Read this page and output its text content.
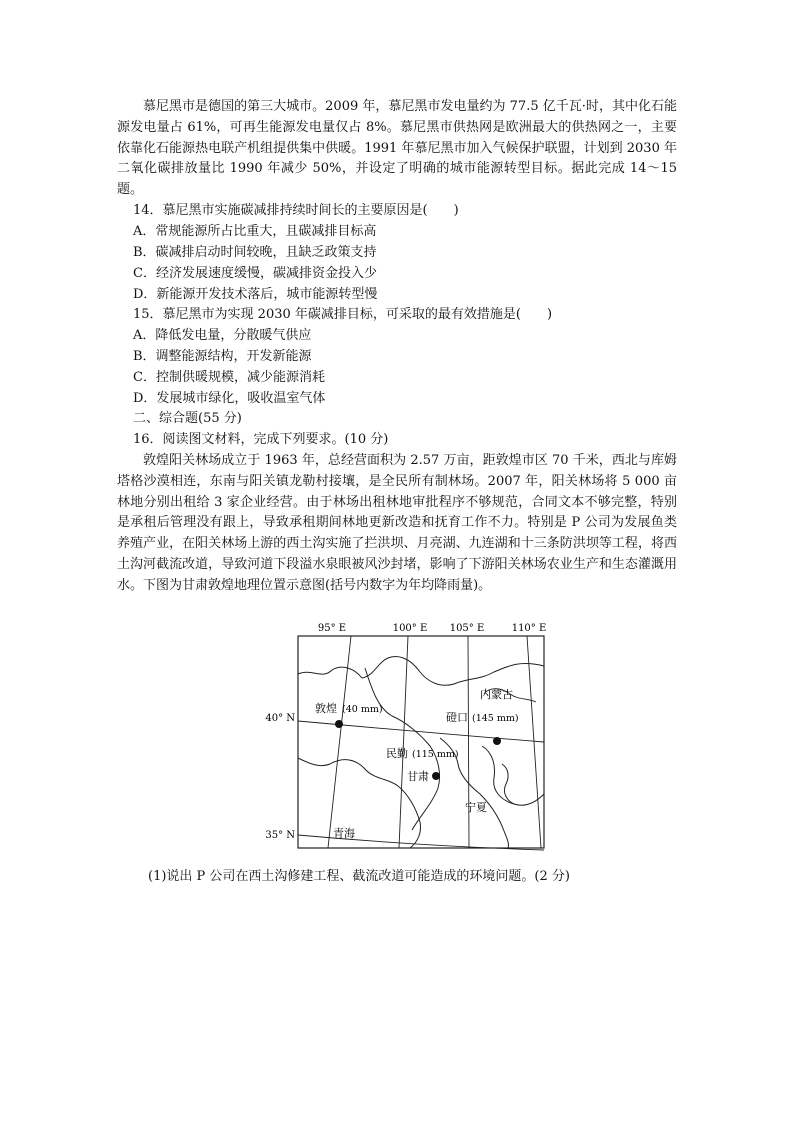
慕尼黑市是德国的第三大城市。2009 年，慕尼黑市发电量约为 77.5 亿千瓦·时，其中化石能源发电量占 61%，可再生能源发电量仅占 8%。慕尼黑市供热网是欧洲最大的供热网之一，主要依靠化石能源热电联产机组提供集中供暖。1991 年慕尼黑市加入气候保护联盟，计划到 2030 年二氧化碳排放量比 1990 年减少 50%，并设定了明确的城市能源转型目标。据此完成 14～15 题。

14．慕尼黑市实施碳减排持续时间长的主要原因是(　　)

A．常规能源所占比重大，且碳减排目标高

B．碳减排启动时间较晚，且缺乏政策支持

C．经济发展速度缓慢，碳减排资金投入少

D．新能源开发技术落后，城市能源转型慢

15．慕尼黑市为实现 2030 年碳减排目标，可采取的最有效措施是(　　)

A．降低发电量，分散暖气供应

B．调整能源结构，开发新能源

C．控制供暖规模，减少能源消耗

D．发展城市绿化，吸收温室气体

二、综合题(55 分)

16．阅读图文材料，完成下列要求。(10 分)

敦煌阳关林场成立于 1963 年，总经营面积为 2.57 万亩，距敦煌市区 70 千米，西北与库姆塔格沙漠相连，东南与阳关镇龙勒村接壤，是全民所有制林场。2007 年，阳关林场将 5 000 亩林地分别出租给 3 家企业经营。由于林场出租林地审批程序不够规范，合同文本不够完整，特别是承租后管理没有跟上，导致承租期间林地更新改造和抚育工作不力。特别是 P 公司为发展鱼类养殖产业，在阳关林场上游的西土沟实施了拦洪坝、月亮湖、九连湖和十三条防洪坝等工程，将西土沟河截流改道，导致河道下段溢水泉眼被风沙封堵，影响了下游阳关林场农业生产和生态灌溉用水。下图为甘肃敦煌地理位置示意图(括号内数字为年均降雨量)。

95° E	100° E 105° E	110° E
40° N
35° N
敦煌 (40 mm)
磴口 (145 mm)
民勤 (115 mm)
甘肃
内蒙古
宁夏
青海

(1)说出 P 公司在西土沟修建工程、截流改道可能造成的环境问题。(2 分)
